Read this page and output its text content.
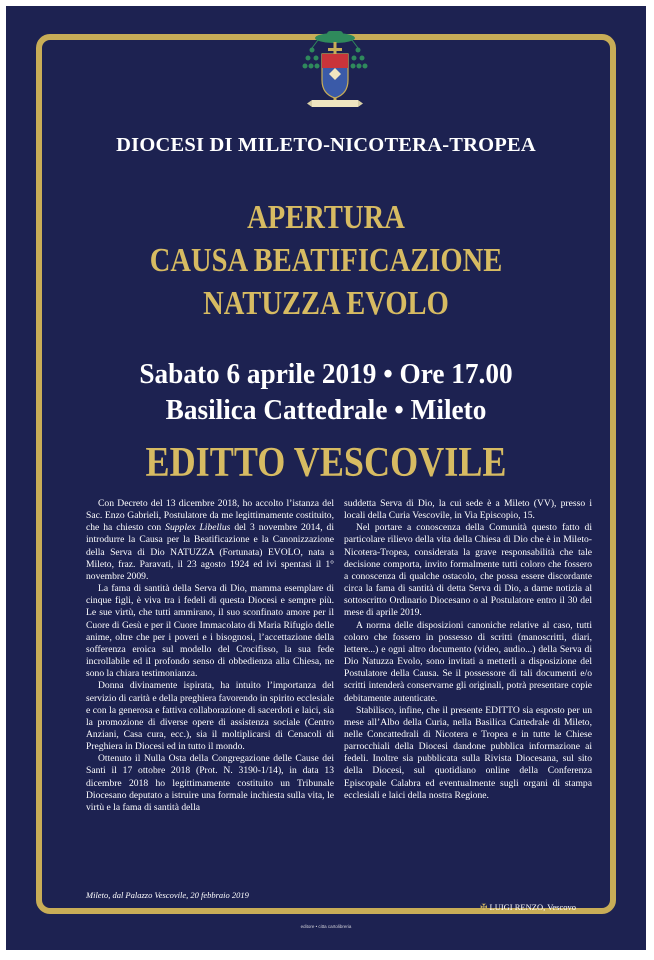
DIOCESI DI MILETO-NICOTERA-TROPEA
APERTURA
CAUSA BEATIFICAZIONE
NATUZZA EVOLO
Sabato 6 aprile 2019 • Ore 17.00
Basilica Cattedrale • Mileto
EDITTO VESCOVILE

Con Decreto del 13 dicembre 2018, ho accolto l’istanza del Sac. Enzo Gabrieli, Postulatore da me legittimamente costituito, che ha chiesto con Supplex Libellus del 3 novembre 2014, di introdurre la Causa per la Beatificazione e la Canonizzazione della Serva di Dio NATUZZA (Fortunata) EVOLO, nata a Mileto, fraz. Paravati, il 23 agosto 1924 ed ivi spentasi il 1° novembre 2009.

La fama di santità della Serva di Dio, mamma esemplare di cinque figli, è viva tra i fedeli di questa Diocesi e sempre più. Le sue virtù, che tutti ammirano, il suo sconfinato amore per il Cuore di Gesù e per il Cuore Immacolato di Maria Rifugio delle anime, oltre che per i poveri e i bisognosi, l’accettazione della sofferenza eroica sul modello del Crocifisso, la sua fede incrollabile ed il profondo senso di obbedienza alla Chiesa, ne sono la chiara testimonianza.

Donna divinamente ispirata, ha intuito l’importanza del servizio di carità e della preghiera favorendo in spirito ecclesiale e con la generosa e fattiva collaborazione di sacerdoti e laici, sia la promozione di diverse opere di assistenza sociale (Centro Anziani, Casa cura, ecc.), sia il moltiplicarsi di Cenacoli di Preghiera in Diocesi ed in tutto il mondo.

Ottenuto il Nulla Osta della Congregazione delle Cause dei Santi il 17 ottobre 2018 (Prot. N. 3190-1/14), in data 13 dicembre 2018 ho legittimamente costituito un Tribunale Diocesano deputato a istruire una formale inchiesta sulla vita, le virtù e la fama di santità della

suddetta Serva di Dio, la cui sede è a Mileto (VV), presso i locali della Curia Vescovile, in Via Episcopio, 15.

Nel portare a conoscenza della Comunità questo fatto di particolare rilievo della vita della Chiesa di Dio che è in Mileto-Nicotera-Tropea, considerata la grave responsabilità che tale decisione comporta, invito formalmente tutti coloro che fossero a conoscenza di qualche ostacolo, che possa essere discordante circa la fama di santità di detta Serva di Dio, a darne notizia al sottoscritto Ordinario Diocesano o al Postulatore entro il 30 del mese di aprile 2019.

A norma delle disposizioni canoniche relative al caso, tutti coloro che fossero in possesso di scritti (manoscritti, diari, lettere...) e ogni altro documento (video, audio...) della Serva di Dio Natuzza Evolo, sono invitati a metterli a disposizione del Postulatore della Causa. Se il possessore di tali documenti e/o scritti intenderà conservarne gli originali, potrà presentare copie debitamente autenticate.

Stabilisco, infine, che il presente EDITTO sia esposto per un mese all’Albo della Curia, nella Basilica Cattedrale di Mileto, nelle Concattedrali di Nicotera e Tropea e in tutte le Chiese parrocchiali della Diocesi dandone pubblica informazione ai fedeli. Inoltre sia pubblicata sulla Rivista Diocesana, sul sito della Diocesi, sul quotidiano online della Conferenza Episcopale Calabra ed eventualmente sugli organi di stampa ecclesiali e laici della nostra Regione.

Mileto, dal Palazzo Vescovile, 20 febbraio 2019
✠ LUIGI RENZO, Vescovo
editore • citta cartolibreria
